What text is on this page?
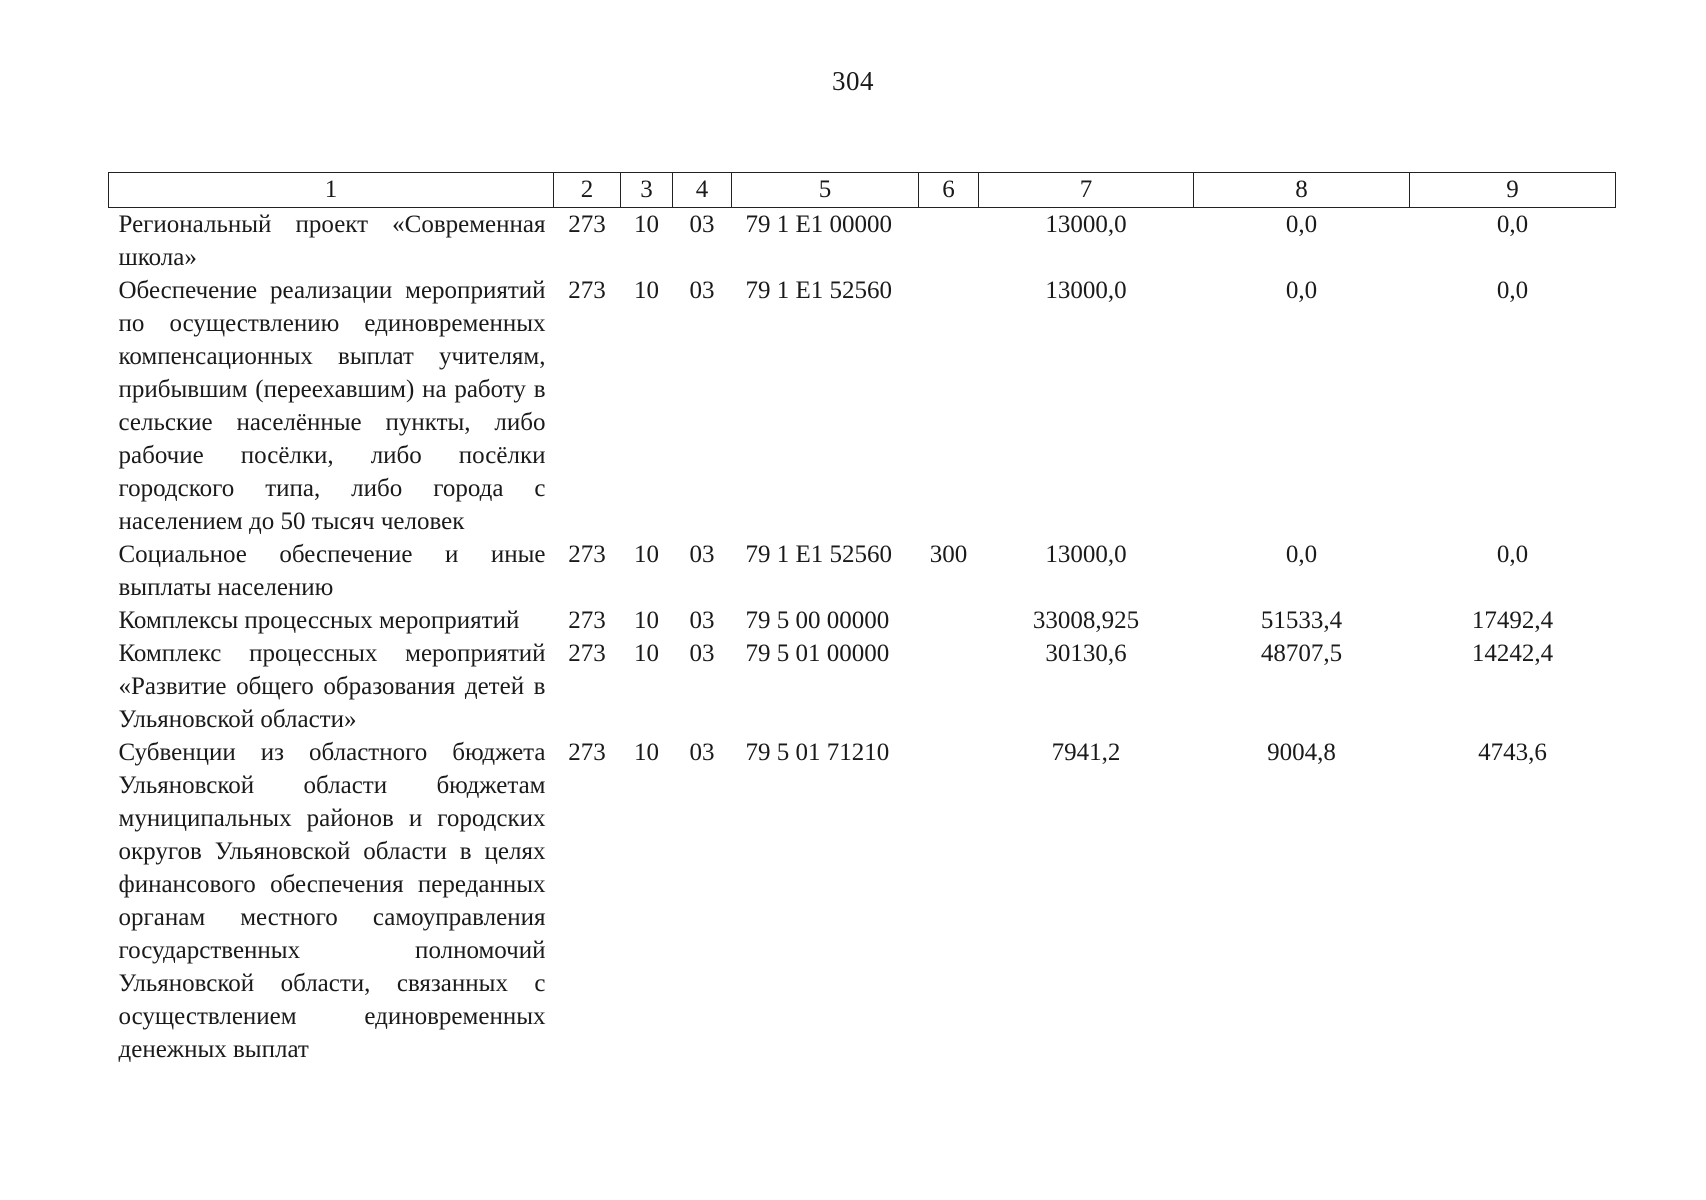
304
1	2	3	4	5	6	7	8	9
Региональный проект «Современная школа»	273	10	03	79 1 Е1 00000		13000,0	0,0	0,0
Обеспечение реализации мероприятий по осуществлению единовременных компенсационных выплат учителям, прибывшим (переехавшим) на работу в сельские населённые пункты, либо рабочие посёлки, либо посёлки городского типа, либо города с населением до 50 тысяч человек	273	10	03	79 1 Е1 52560		13000,0	0,0	0,0
Социальное обеспечение и иные выплаты населению	273	10	03	79 1 Е1 52560	300	13000,0	0,0	0,0
Комплексы процессных мероприятий	273	10	03	79 5 00 00000		33008,925	51533,4	17492,4
Комплекс процессных мероприятий «Развитие общего образования детей в Ульяновской области»	273	10	03	79 5 01 00000		30130,6	48707,5	14242,4
Субвенции из областного бюджета Ульяновской области бюджетам муниципальных районов и городских округов Ульяновской области в целях финансового обеспечения переданных органам местного самоуправления государственных полномочий Ульяновской области, связанных с осуществлением единовременных денежных выплат	273	10	03	79 5 01 71210		7941,2	9004,8	4743,6
